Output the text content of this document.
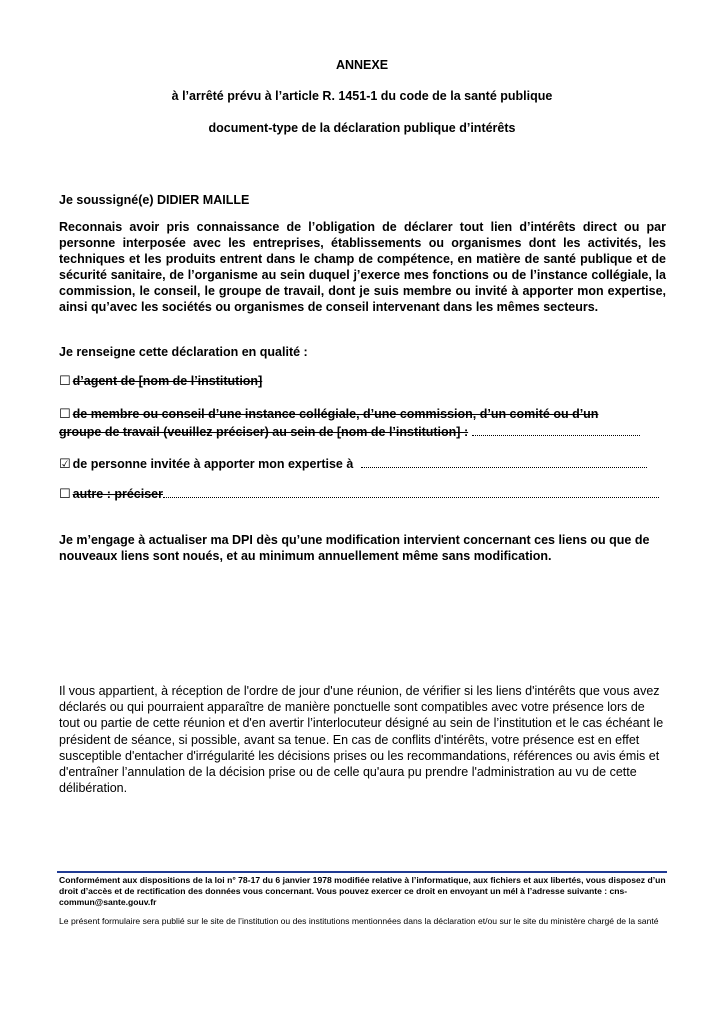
ANNEXE
à l’arrêté prévu à l’article R. 1451-1 du code de la santé publique
document-type de la déclaration publique d’intérêts
Je soussigné(e) DIDIER MAILLE
Reconnais avoir pris connaissance de l’obligation de déclarer tout lien d’intérêts direct ou par personne interposée avec les entreprises, établissements ou organismes dont les activités, les techniques et les produits entrent dans le champ de compétence, en matière de santé publique et de sécurité sanitaire, de l’organisme au sein duquel j’exerce mes fonctions ou de l’instance collégiale, la commission, le conseil, le groupe de travail, dont je suis membre ou invité à apporter mon expertise, ainsi qu’avec les sociétés ou organismes de conseil intervenant dans les mêmes secteurs.
Je renseigne cette déclaration en qualité :
☐ d’agent de [nom de l’institution]
☐ de membre ou conseil d’une instance collégiale, d’une commission, d’un comité ou d’un
groupe de travail (veuillez préciser) au sein de [nom de l’institution] :
☑ de personne invitée à apporter mon expertise à
☐ autre : préciser
Je m’engage à actualiser ma DPI dès qu’une modification intervient concernant ces liens ou que de nouveaux liens sont noués, et au minimum annuellement même sans modification.
Il vous appartient, à réception de l'ordre de jour d'une réunion, de vérifier si les liens d'intérêts que vous avez déclarés ou qui pourraient apparaître de manière ponctuelle sont compatibles avec votre présence lors de tout ou partie de cette réunion et d'en avertir l’interlocuteur désigné au sein de l’institution et le cas échéant le président de séance, si possible, avant sa tenue. En cas de conflits d'intérêts, votre présence est en effet susceptible d'entacher d'irrégularité les décisions prises ou les recommandations, références ou avis émis et d'entraîner l’annulation de la décision prise ou de celle qu'aura pu prendre l'administration au vu de cette délibération.
Conformément aux dispositions de la loi n° 78-17 du 6 janvier 1978 modifiée relative à l’informatique, aux fichiers et aux libertés, vous disposez d’un droit d’accès et de rectification des données vous concernant. Vous pouvez exercer ce droit en envoyant un mél à l’adresse suivante : cns-commun@sante.gouv.fr
Le présent formulaire sera publié sur le site de l’institution ou des institutions mentionnées dans la déclaration et/ou sur le site du ministère chargé de la santé
